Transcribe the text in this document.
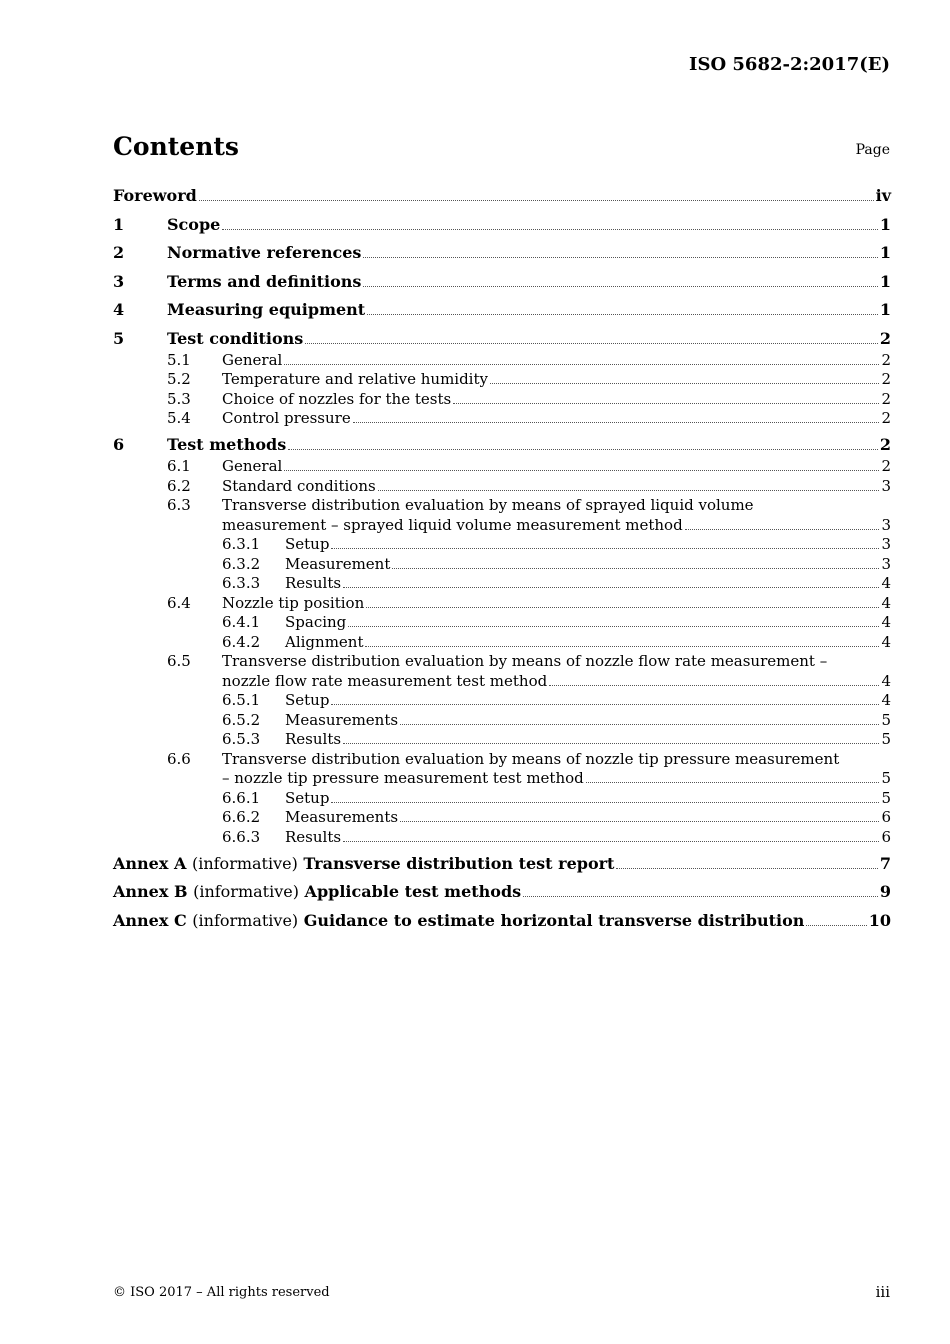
ISO 5682-2:2017(E)
Contents	Page
Foreword	iv
1	Scope	1
2	Normative references	1
3	Terms and definitions	1
4	Measuring equipment	1
5	Test conditions	2
5.1 General	2
5.2 Temperature and relative humidity	2
5.3 Choice of nozzles for the tests	2
5.4 Control pressure	2
6	Test methods	2
6.1 General	2
6.2 Standard conditions	3
6.3 Transverse distribution evaluation by means of sprayed liquid volume
measurement – sprayed liquid volume measurement method	3
6.3.1 Setup	3
6.3.2 Measurement	3
6.3.3 Results	4
6.4 Nozzle tip position	4
6.4.1 Spacing	4
6.4.2 Alignment	4
6.5 Transverse distribution evaluation by means of nozzle flow rate measurement –
nozzle flow rate measurement test method	4
6.5.1 Setup	4
6.5.2 Measurements	5
6.5.3 Results	5
6.6 Transverse distribution evaluation by means of nozzle tip pressure measurement
– nozzle tip pressure measurement test method	5
6.6.1 Setup	5
6.6.2 Measurements	6
6.6.3 Results	6
Annex A (informative) Transverse distribution test report	7
Annex B (informative) Applicable test methods	9
Annex C (informative) Guidance to estimate horizontal transverse distribution	10
© ISO 2017 – All rights reserved	iii
